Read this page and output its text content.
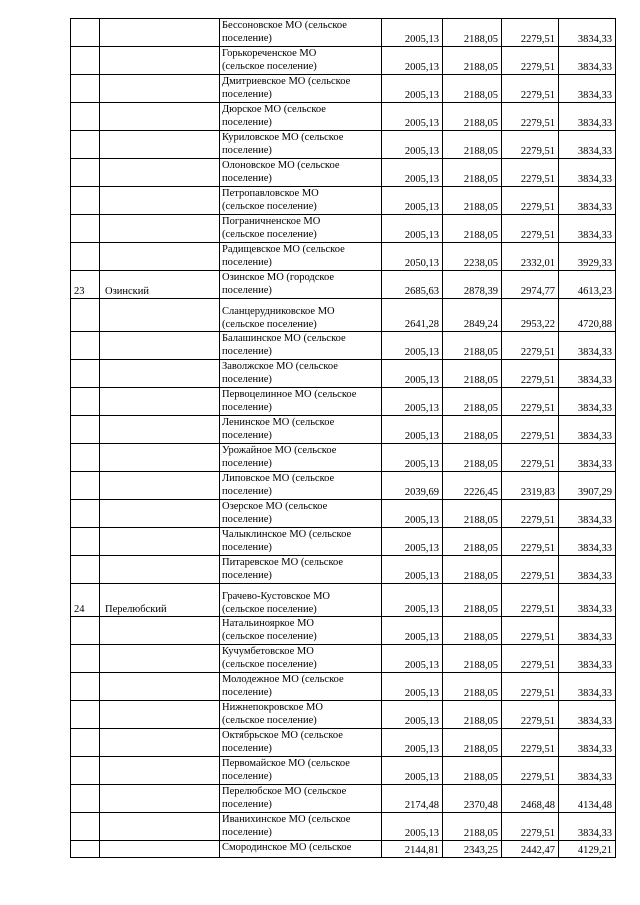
		Бессоновское МО (сельское
поселение)	2005,13	2188,05	2279,51	3834,33

		Горькореченское МО
(сельское поселение)	2005,13	2188,05	2279,51	3834,33

		Дмитриевское МО (сельское
поселение)	2005,13	2188,05	2279,51	3834,33

		Дюрское МО (сельское
поселение)	2005,13	2188,05	2279,51	3834,33

		Куриловское МО (сельское
поселение)	2005,13	2188,05	2279,51	3834,33

		Олоновское МО (сельское
поселение)	2005,13	2188,05	2279,51	3834,33

		Петропавловское МО
(сельское поселение)	2005,13	2188,05	2279,51	3834,33

		Пограничненское МО
(сельское поселение)	2005,13	2188,05	2279,51	3834,33

		Радищевское МО (сельское
поселение)	2050,13	2238,05	2332,01	3929,33
23	Озинский	Озинское МО (городское
поселение)	2685,63	2878,39	2974,77	4613,23

		Сланцерудниковское МО
(сельское поселение)	2641,28	2849,24	2953,22	4720,88

		Балашинское МО (сельское
поселение)	2005,13	2188,05	2279,51	3834,33

		Заволжское МО (сельское
поселение)	2005,13	2188,05	2279,51	3834,33

		Первоцелинное МО (сельское
поселение)	2005,13	2188,05	2279,51	3834,33

		Ленинское МО (сельское
поселение)	2005,13	2188,05	2279,51	3834,33

		Урожайное МО (сельское
поселение)	2005,13	2188,05	2279,51	3834,33

		Липовское МО (сельское
поселение)	2039,69	2226,45	2319,83	3907,29

		Озерское МО (сельское
поселение)	2005,13	2188,05	2279,51	3834,33

		Чалыклинское МО (сельское
поселение)	2005,13	2188,05	2279,51	3834,33

		Питаревское МО (сельское
поселение)	2005,13	2188,05	2279,51	3834,33
24	Перелюбский	Грачево-Кустовское МО
(сельское поселение)	2005,13	2188,05	2279,51	3834,33

		Натальинояркое МО
(сельское поселение)	2005,13	2188,05	2279,51	3834,33

		Кучумбетовское МО
(сельское поселение)	2005,13	2188,05	2279,51	3834,33

		Молодежное МО (сельское
поселение)	2005,13	2188,05	2279,51	3834,33

		Нижнепокровское МО
(сельское поселение)	2005,13	2188,05	2279,51	3834,33

		Октябрьское МО (сельское
поселение)	2005,13	2188,05	2279,51	3834,33

		Первомайское МО (сельское
поселение)	2005,13	2188,05	2279,51	3834,33

		Перелюбское МО (сельское
поселение)	2174,48	2370,48	2468,48	4134,48

		Иванихинское МО (сельское
поселение)	2005,13	2188,05	2279,51	3834,33

		Смородинское МО (сельское	2144,81	2343,25	2442,47	4129,21
